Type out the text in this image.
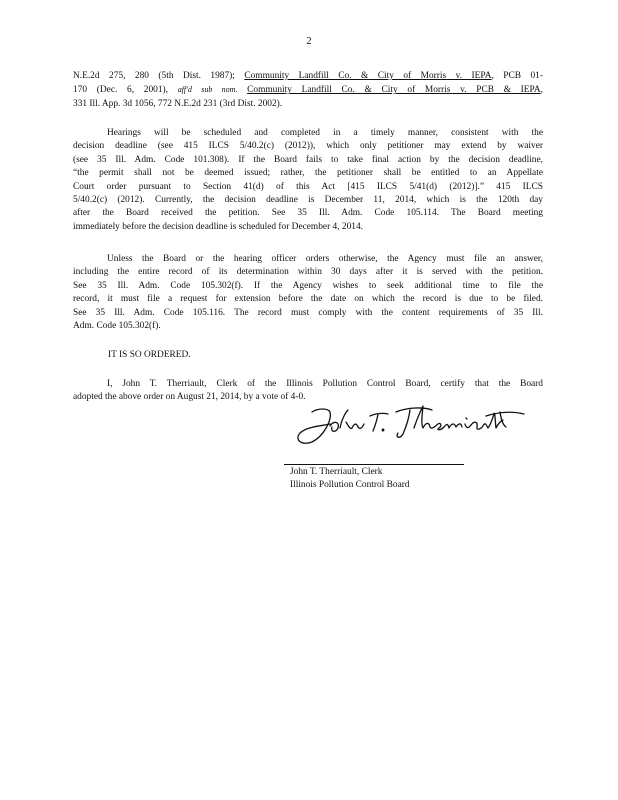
2
N.E.2d 275, 280 (5th Dist. 1987); Community Landfill Co. & City of Morris v. IEPA, PCB 01-
170 (Dec. 6, 2001), aff'd sub nom. Community Landfill Co. & City of Morris v. PCB & IEPA,
331 Ill. App. 3d 1056, 772 N.E.2d 231 (3rd Dist. 2002).
Hearings will be scheduled and completed in a timely manner, consistent with the
decision deadline (see 415 ILCS 5/40.2(c) (2012)), which only petitioner may extend by waiver
(see 35 Ill. Adm. Code 101.308). If the Board fails to take final action by the decision deadline,
“the permit shall not be deemed issued; rather, the petitioner shall be entitled to an Appellate
Court order pursuant to Section 41(d) of this Act [415 ILCS 5/41(d) (2012)].” 415 ILCS
5/40.2(c) (2012). Currently, the decision deadline is December 11, 2014, which is the 120th day
after the Board received the petition. See 35 Ill. Adm. Code 105.114. The Board meeting
immediately before the decision deadline is scheduled for December 4, 2014.
Unless the Board or the hearing officer orders otherwise, the Agency must file an answer,
including the entire record of its determination within 30 days after it is served with the petition.
See 35 Ill. Adm. Code 105.302(f). If the Agency wishes to seek additional time to file the
record, it must file a request for extension before the date on which the record is due to be filed.
See 35 Ill. Adm. Code 105.116. The record must comply with the content requirements of 35 Ill.
Adm. Code 105.302(f).
IT IS SO ORDERED.
I, John T. Therriault, Clerk of the Illinois Pollution Control Board, certify that the Board
adopted the above order on August 21, 2014, by a vote of 4-0.
John T. Therriault, Clerk
Illinois Pollution Control Board
